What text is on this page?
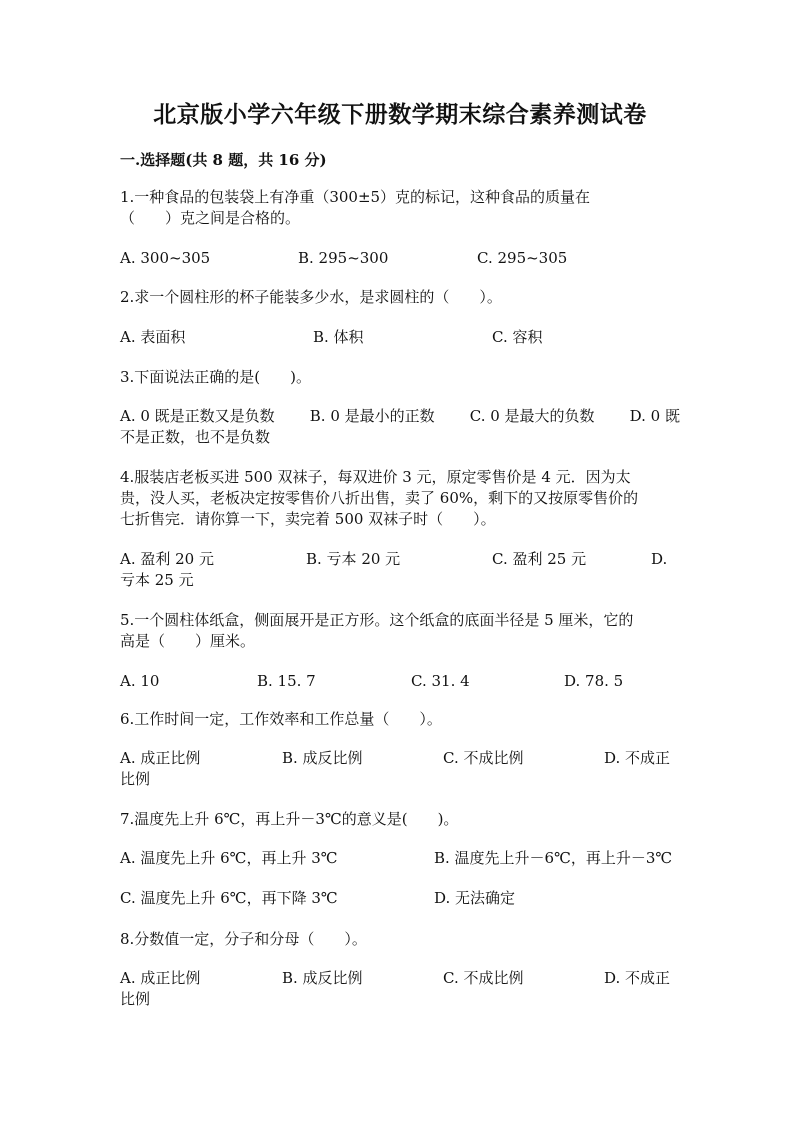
北京版小学六年级下册数学期末综合素养测试卷
一.选择题(共 8 题，共 16 分)
1.一种食品的包装袋上有净重（300±5）克的标记，这种食品的质量在
（　　）克之间是合格的。
A. 300~305	B. 295~300	C. 295~305
2.求一个圆柱形的杯子能装多少水，是求圆柱的（　　）。
A. 表面积	B. 体积	C. 容积
3.下面说法正确的是(　　)。
A. 0 既是正数又是负数 B. 0 是最小的正数 C. 0 是最大的负数 D. 0 既
不是正数，也不是负数
4.服装店老板买进 500 双袜子，每双进价 3 元，原定零售价是 4 元．因为太
贵，没人买，老板决定按零售价八折出售，卖了 60%，剩下的又按原零售价的
七折售完．请你算一下，卖完着 500 双袜子时（　　）。
A. 盈利 20 元	B. 亏本 20 元	C. 盈利 25 元	D.
亏本 25 元
5.一个圆柱体纸盒，侧面展开是正方形。这个纸盒的底面半径是 5 厘米，它的
高是（　　）厘米。
A. 10	B. 15. 7	C. 31. 4	D. 78. 5
6.工作时间一定，工作效率和工作总量（　　）。
A. 成正比例	B. 成反比例	C. 不成比例	D. 不成正
比例
7.温度先上升 6℃，再上升－3℃的意义是(　　)。
A. 温度先上升 6℃，再上升 3℃	B. 温度先上升－6℃，再上升－3℃
C. 温度先上升 6℃，再下降 3℃	D. 无法确定
8.分数值一定，分子和分母（　　）。
A. 成正比例	B. 成反比例	C. 不成比例	D. 不成正
比例
